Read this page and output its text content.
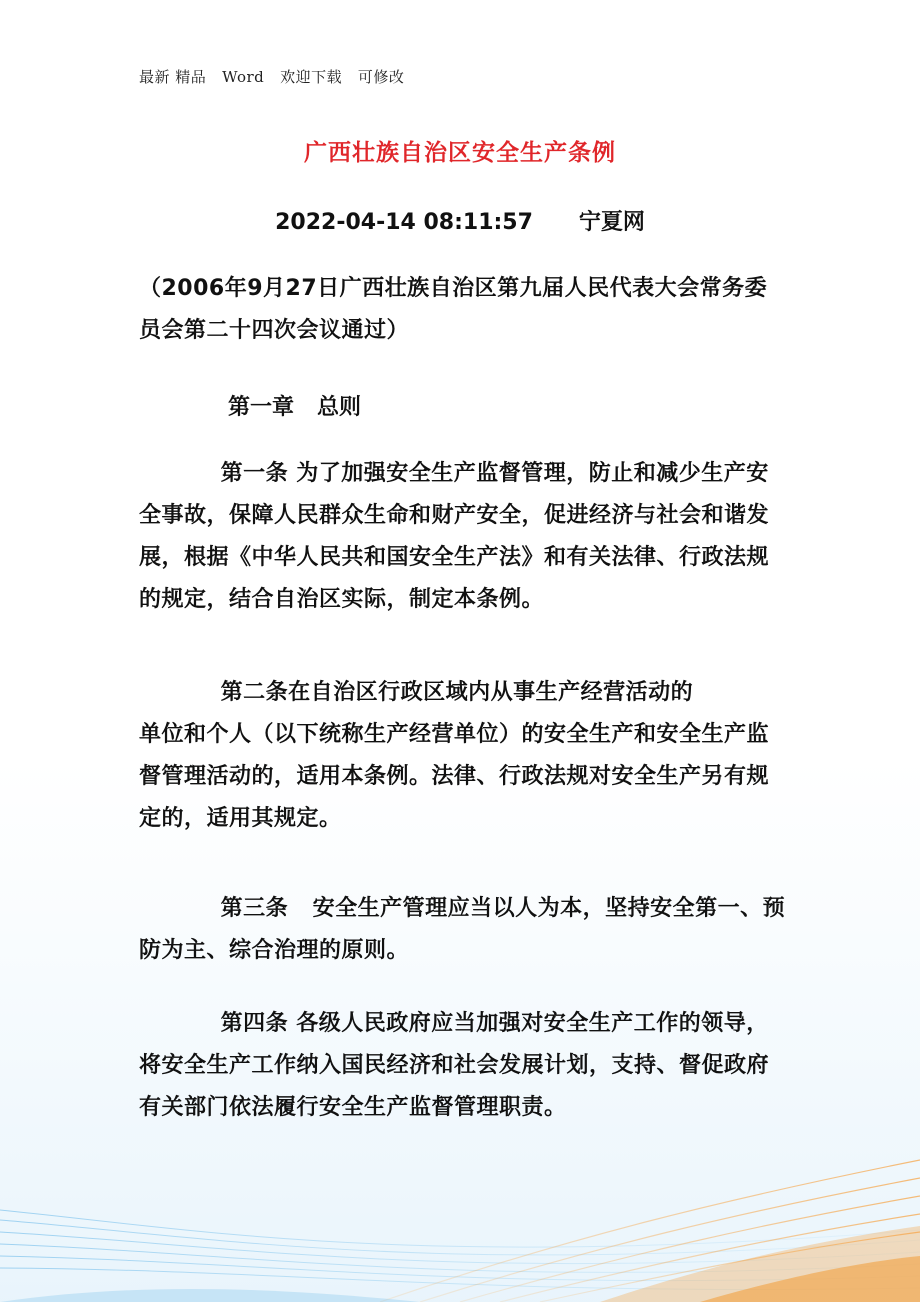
最新 精品   Word   欢迎下载   可修改
广西壮族自治区安全生产条例
2022-04-14 08:11:57 宁夏网
（2006年9月27日广西壮族自治区第九届人民代表大会常务委员会第二十四次会议通过）
第一章   总则
第一条 为了加强安全生产监督管理，防止和减少生产安全事故，保障人民群众生命和财产安全，促进经济与社会和谐发展，根据《中华人民共和国安全生产法》和有关法律、行政法规的规定，结合自治区实际，制定本条例。
第二条在自治区行政区域内从事生产经营活动的
单位和个人（以下统称生产经营单位）的安全生产和安全生产监督管理活动的，适用本条例。法律、行政法规对安全生产另有规定的，适用其规定。
第三条   安全生产管理应当以人为本，坚持安全第一、预防为主、综合治理的原则。
第四条 各级人民政府应当加强对安全生产工作的领导，将安全生产工作纳入国民经济和社会发展计划，支持、督促政府有关部门依法履行安全生产监督管理职责。
